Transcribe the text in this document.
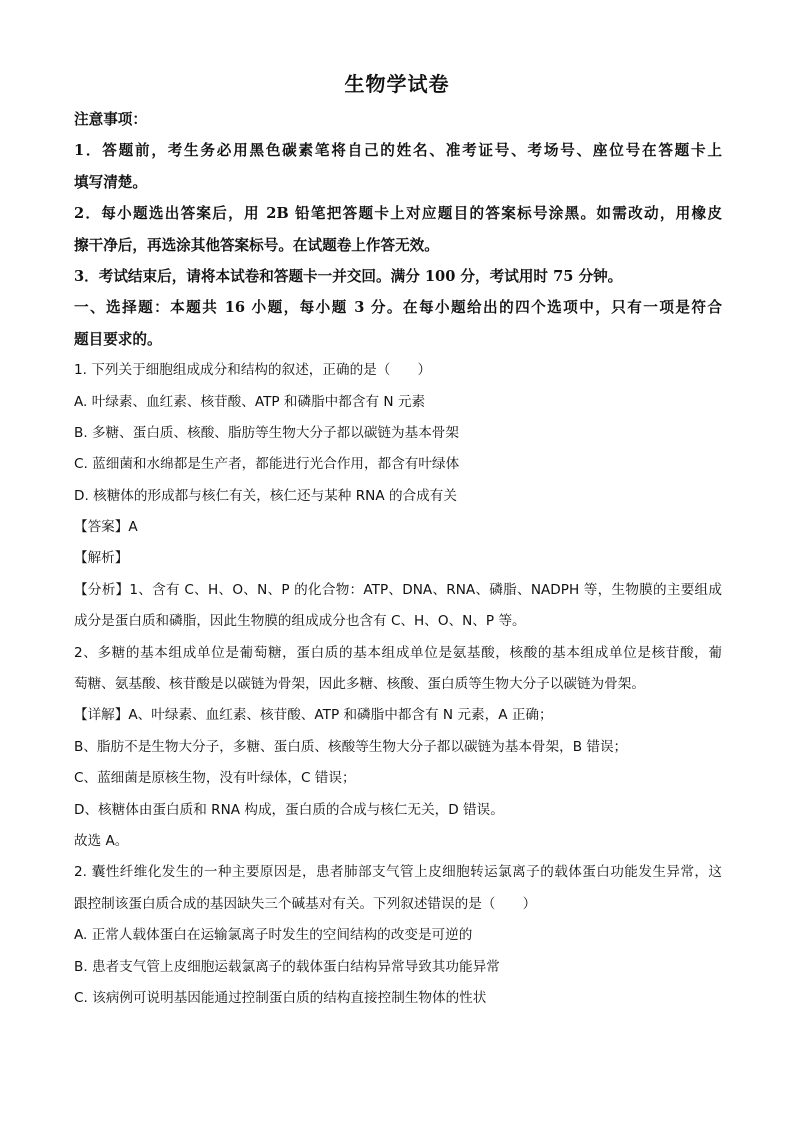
生物学试卷
注意事项：
1．答题前，考生务必用黑色碳素笔将自己的姓名、准考证号、考场号、座位号在答题卡上
填写清楚。
2．每小题选出答案后，用 2B 铅笔把答题卡上对应题目的答案标号涂黑。如需改动，用橡皮
擦干净后，再选涂其他答案标号。在试题卷上作答无效。
3．考试结束后，请将本试卷和答题卡一并交回。满分 100 分，考试用时 75 分钟。
一、选择题：本题共 16 小题，每小题 3 分。在每小题给出的四个选项中，只有一项是符合
题目要求的。
1. 下列关于细胞组成成分和结构的叙述，正确的是（　　）
A. 叶绿素、血红素、核苷酸、ATP 和磷脂中都含有 N 元素
B. 多糖、蛋白质、核酸、脂肪等生物大分子都以碳链为基本骨架
C. 蓝细菌和水绵都是生产者，都能进行光合作用，都含有叶绿体
D. 核糖体的形成都与核仁有关，核仁还与某种 RNA 的合成有关
【答案】A
【解析】
【分析】1、含有 C、H、O、N、P 的化合物：ATP、DNA、RNA、磷脂、NADPH 等，生物膜的主要组成
成分是蛋白质和磷脂，因此生物膜的组成成分也含有 C、H、O、N、P 等。
2、多糖的基本组成单位是葡萄糖，蛋白质的基本组成单位是氨基酸，核酸的基本组成单位是核苷酸，葡
萄糖、氨基酸、核苷酸是以碳链为骨架，因此多糖、核酸、蛋白质等生物大分子以碳链为骨架。
【详解】A、叶绿素、血红素、核苷酸、ATP 和磷脂中都含有 N 元素，A 正确；
B、脂肪不是生物大分子，多糖、蛋白质、核酸等生物大分子都以碳链为基本骨架，B 错误；
C、蓝细菌是原核生物，没有叶绿体，C 错误；
D、核糖体由蛋白质和 RNA 构成，蛋白质的合成与核仁无关，D 错误。
故选 A。
2. 囊性纤维化发生的一种主要原因是，患者肺部支气管上皮细胞转运氯离子的载体蛋白功能发生异常，这
跟控制该蛋白质合成的基因缺失三个碱基对有关。下列叙述错误的是（　　）
A. 正常人载体蛋白在运输氯离子时发生的空间结构的改变是可逆的
B. 患者支气管上皮细胞运载氯离子的载体蛋白结构异常导致其功能异常
C. 该病例可说明基因能通过控制蛋白质的结构直接控制生物体的性状
